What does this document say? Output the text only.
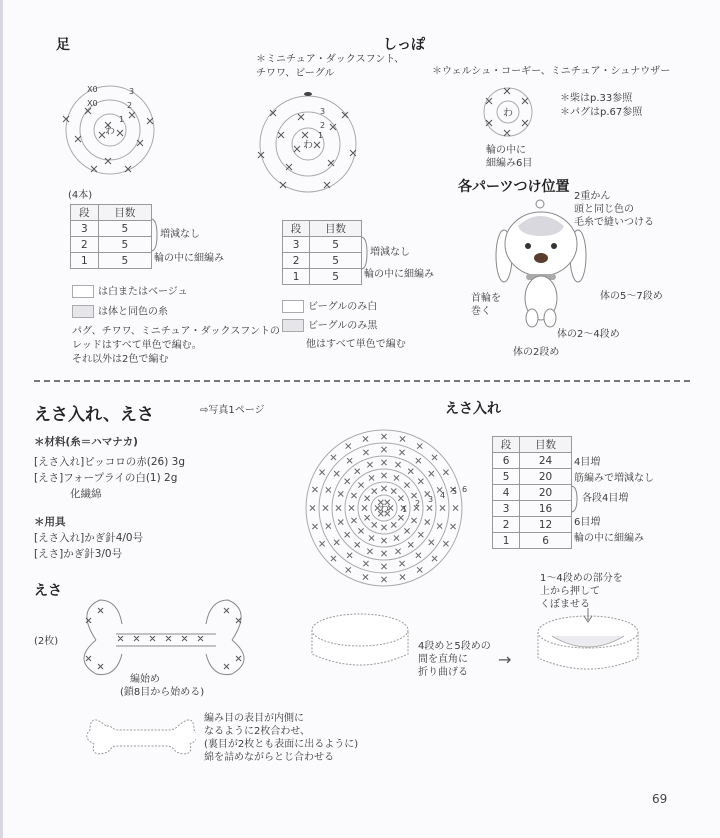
足
わ
X0
X0
3
2
1
(4本)
段	目数
3	5
2	5
1	5
増減なし
輪の中に細編み
は白またはベージュ
は体と同色の糸
パグ、チワワ、ミニチュア・ダックスフントの
レッドはすべて単色で編む。
それ以外は2色で編む
しっぽ
＊ミニチュア・ダックスフント、
チワワ、ビーグル
わ
3
2
1
段	目数
3	5
2	5
1	5
増減なし
輪の中に細編み
ビーグルのみ白
ビーグルのみ黒
他はすべて単色で編む
＊ウェルシュ・コーギー、ミニチュア・シュナウザー
わ
＊柴はp.33参照
＊パグはp.67参照
輪の中に
細編み6目
各パーツつけ位置
2重かん
頭と同じ色の
毛糸で縫いつける
首輪を
巻く
体の5〜7段め
体の2〜4段め
体の2段め
えさ入れ、えさ	⇨写真1ページ
＊材料(糸＝ハマナカ)
[えさ入れ]ピッコロの赤(26) 3g
[えさ]フォープライの白(1) 2g
化繊綿
＊用具
[えさ入れ]かぎ針4/0号
[えさ]かぎ針3/0号
えさ入れ
わ 1
2 3 4 5 6
段	目数
6	24
5	20
4	20
3	16
2	12
1	6
4目増
筋編みで増減なし
各段4目増
6目増
輪の中に細編み
4段めと5段めの
間を直角に
折り曲げる
→
1〜4段めの部分を
上から押して
くぼませる
えさ
(2枚)
編始め
(鎖8目から始める)
編み目の表目が内側に
なるように2枚合わせ、
(裏目が2枚とも表面に出るように)
綿を詰めながらとじ合わせる
69
